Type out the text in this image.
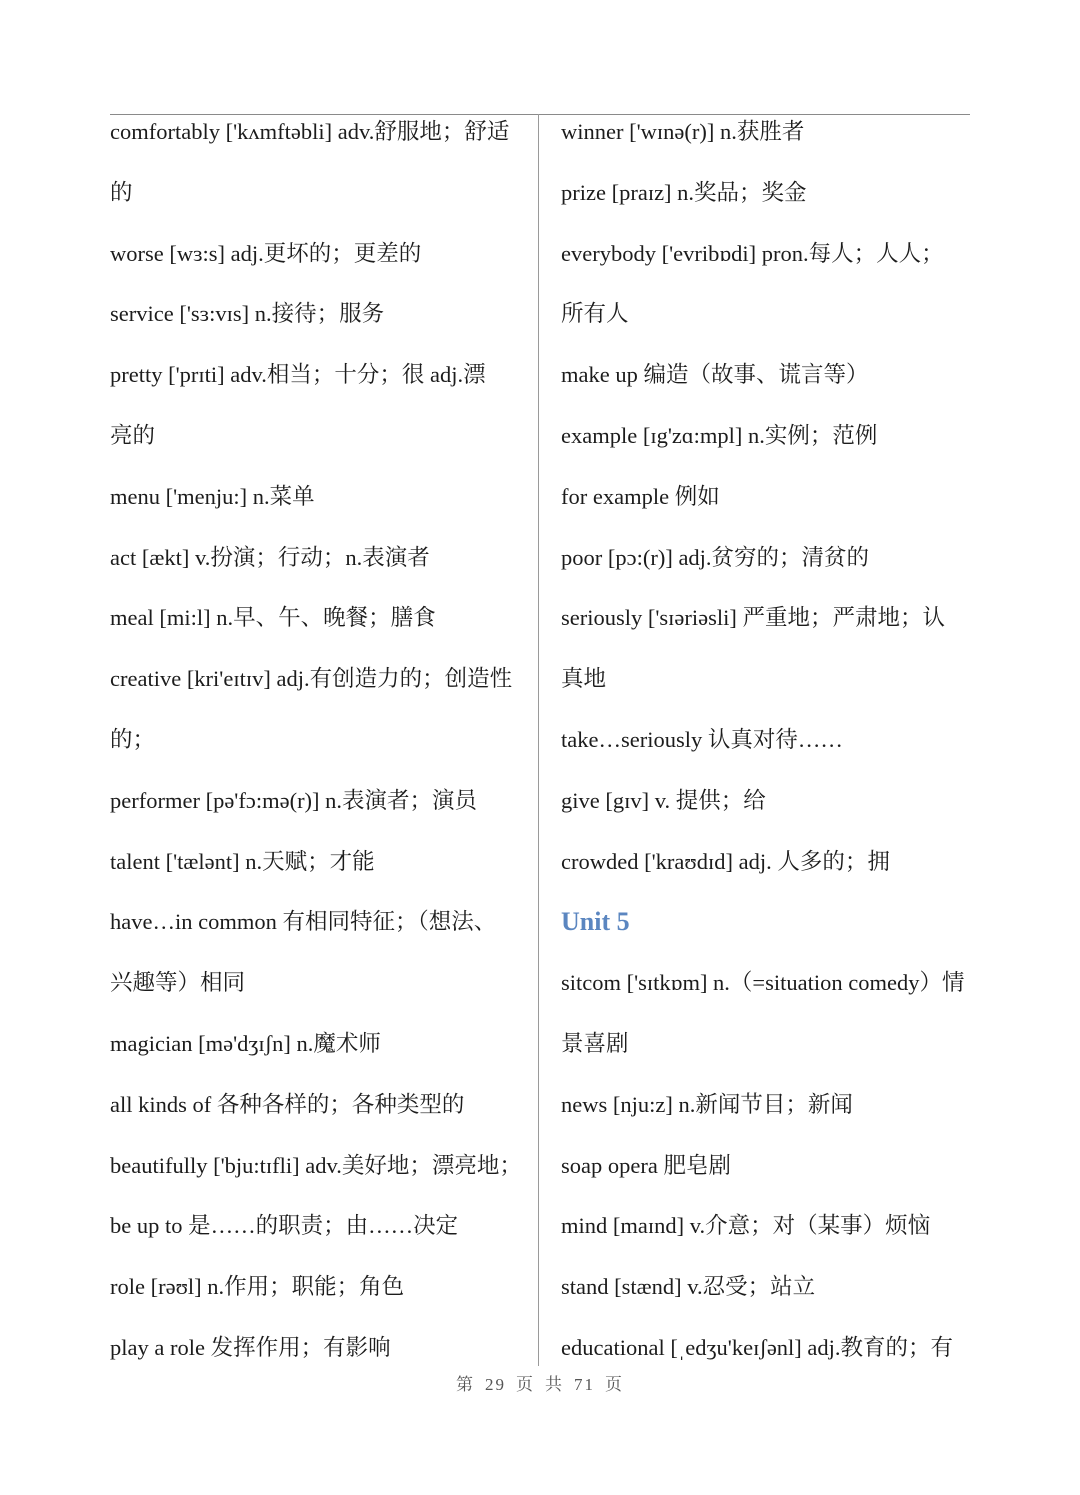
comfortably ['kʌmftəbli] adv.舒服地；舒适
的
worse [wɜ:s] adj.更坏的；更差的
service ['sɜ:vɪs] n.接待；服务
pretty ['prɪti] adv.相当；十分；很 adj.漂
亮的
menu ['menju:] n.菜单
act [ækt] v.扮演；行动；n.表演者
meal [mi:l] n.早、午、晚餐；膳食
creative [kri'eɪtɪv] adj.有创造力的；创造性
的；
performer [pə'fɔ:mə(r)] n.表演者；演员
talent ['tælənt] n.天赋；才能
have…in common 有相同特征；（想法、
兴趣等）相同
magician [mə'dʒɪʃn] n.魔术师
all kinds of 各种各样的；各种类型的
beautifully ['bju:tɪfli] adv.美好地；漂亮地；
be up to 是……的职责；由……决定
role [rəʊl] n.作用；职能；角色
play a role 发挥作用；有影响
winner ['wɪnə(r)] n.获胜者
prize [praɪz] n.奖品；奖金
everybody ['evribɒdi] pron.每人；人人；
所有人
make up 编造（故事、谎言等）
example [ɪg'zɑ:mpl] n.实例；范例
for example 例如
poor [pɔ:(r)] adj.贫穷的；清贫的
seriously ['sɪəriəsli] 严重地；严肃地；认
真地
take…seriously 认真对待……
give [gɪv] v. 提供；给
crowded ['kraʊdɪd] adj. 人多的；拥
Unit 5
sitcom ['sɪtkɒm] n.（=situation comedy）情
景喜剧
news [nju:z] n.新闻节目；新闻
soap opera 肥皂剧
mind [maɪnd] v.介意；对（某事）烦恼
stand [stænd] v.忍受；站立
educational [ˌedʒu'keɪʃənl] adj.教育的；有
第 29 页 共 71 页
